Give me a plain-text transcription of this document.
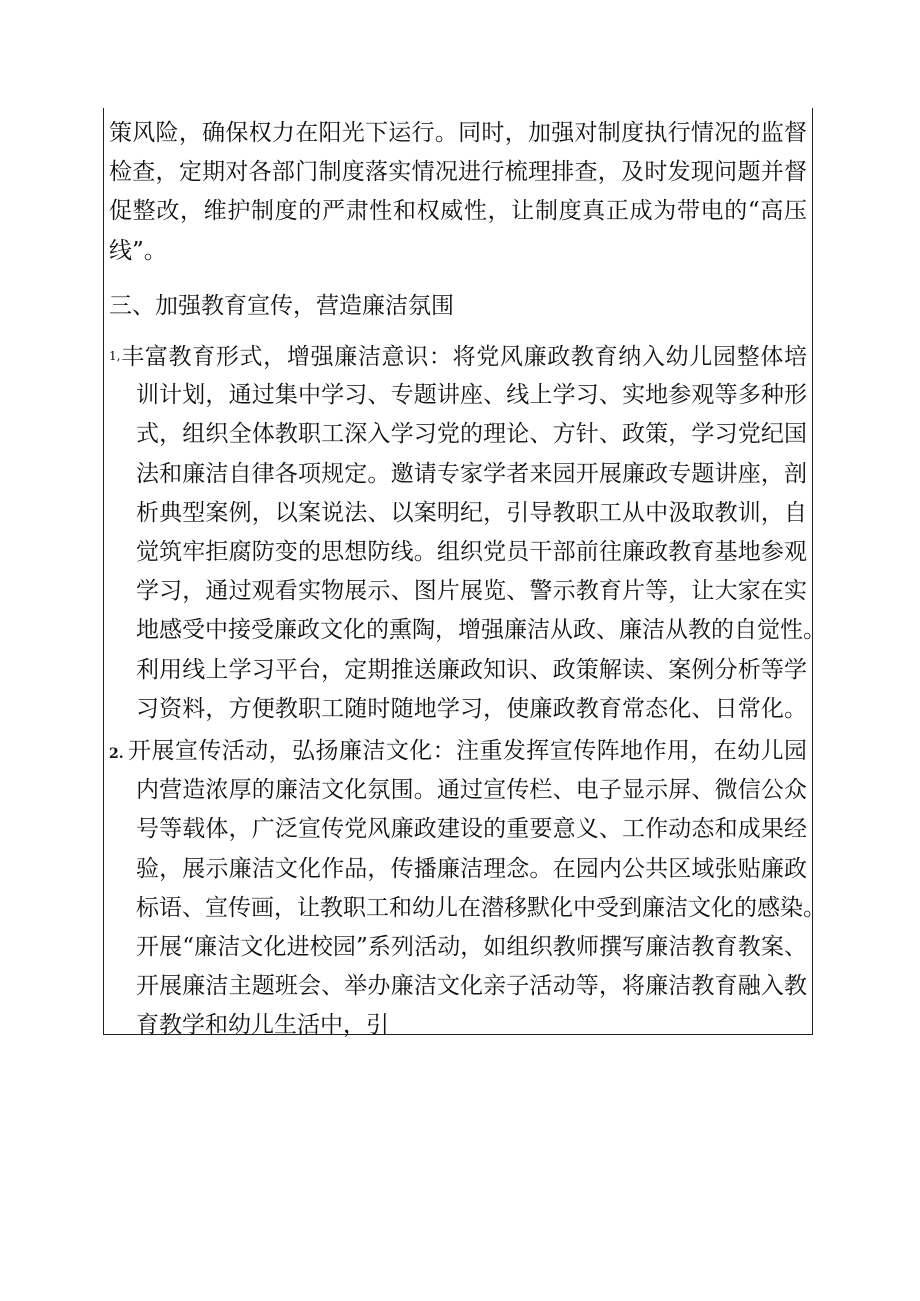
策风险，确保权力在阳光下运行。同时，加强对制度执行情况的监督
检查，定期对各部门制度落实情况进行梳理排查，及时发现问题并督
促整改，维护制度的严肃性和权威性，让制度真正成为带电的“高压
线”。
三、加强教育宣传，营造廉洁氛围
1,丰富教育形式，增强廉洁意识：将党风廉政教育纳入幼儿园整体培
训计划，通过集中学习、专题讲座、线上学习、实地参观等多种形
式，组织全体教职工深入学习党的理论、方针、政策，学习党纪国
法和廉洁自律各项规定。邀请专家学者来园开展廉政专题讲座，剖
析典型案例，以案说法、以案明纪，引导教职工从中汲取教训，自
觉筑牢拒腐防变的思想防线。组织党员干部前往廉政教育基地参观
学习，通过观看实物展示、图片展览、警示教育片等，让大家在实
地感受中接受廉政文化的熏陶，增强廉洁从政、廉洁从教的自觉性。
利用线上学习平台，定期推送廉政知识、政策解读、案例分析等学
习资料，方便教职工随时随地学习，使廉政教育常态化、日常化。
2. 开展宣传活动，弘扬廉洁文化：注重发挥宣传阵地作用，在幼儿园
内营造浓厚的廉洁文化氛围。通过宣传栏、电子显示屏、微信公众
号等载体，广泛宣传党风廉政建设的重要意义、工作动态和成果经
验，展示廉洁文化作品，传播廉洁理念。在园内公共区域张贴廉政
标语、宣传画，让教职工和幼儿在潜移默化中受到廉洁文化的感染。
开展“廉洁文化进校园”系列活动，如组织教师撰写廉洁教育教案、
开展廉洁主题班会、举办廉洁文化亲子活动等，将廉洁教育融入教
育教学和幼儿生活中，引
